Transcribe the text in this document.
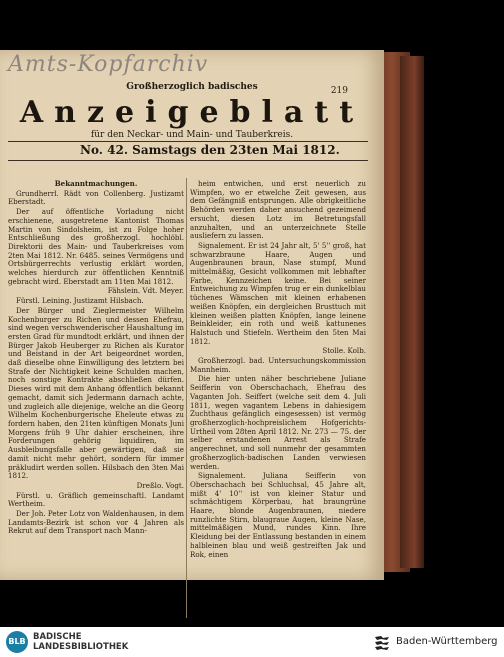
Amts-Kopfarchiv
219
Großherzoglich badisches
Anzeigeblatt
für den Neckar- und Main- und Tauberkreis.
No. 42. Samstags den 23ten Mai 1812.

Bekanntmachungen.

Grundherrl. Rädt von Collenberg. Justizamt Eberstadt.

Der auf öffentliche Vorladung nicht erschienene, ausgetretene Kantonist Thomas Martin von Sindolsheim, ist zu Folge hoher Entschließung des großherzogl. hochlöbl. Direktorii des Main- und Tauberkreises vom 2ten Mai 1812. Nr. 6485. seines Vermögens und Ortsbürgerrechts verlustig erklärt worden, welches hierdurch zur öffentlichen Kenntniß gebracht wird. Eberstadt am 11ten Mai 1812.

Fähslein. Vdt. Meyer.

Fürstl. Leining. Justizamt Hilsbach.

Der Bürger und Zieglermeister Wilhelm Kochenburger zu Richen und dessen Ehefrau, sind wegen verschwenderischer Haushaltung im ersten Grad für mundtodt erklärt, und ihnen der Bürger Jakob Heuberger zu Richen als Kurator und Beistand in der Art beigeordnet worden, daß dieselbe ohne Einwilligung des letztern bei Strafe der Nichtigkeit keine Schulden machen, noch sonstige Kontrakte abschließen dürfen. Dieses wird mit dem Anhang öffentlich bekannt gemacht, damit sich Jedermann darnach achte, und zugleich alle diejenige, welche an die Georg Wilhelm Kochenburgerische Eheleute etwas zu fordern haben, den 21ten künftigen Monats Juni Morgens früh 9 Uhr dahier erscheinen, ihre Forderungen gehörig liquidiren, im Ausbleibungsfalle aber gewärtigen, daß sie damit nicht mehr gehört, sondern für immer präkludirt werden sollen. Hilsbach den 3ten Mai 1812.

Dreßlo. Vogt.

Fürstl. u. Gräflich gemeinschaftl. Landamt Wertheim.

Der Joh. Peter Lotz von Waldenhausen, in dem Landamts-Bezirk ist schon vor 4 Jahren als Rekrut auf dem Transport nach Mann-

heim entwichen, und erst neuerlich zu Wimpfen, wo er etwelche Zeit gewesen, aus dem Gefängniß entsprungen. Alle obrigkeitliche Behörden werden daher ansuchend gezeimend ersucht, diesen Lotz im Betretungsfall anzuhalten, und an unterzeichnete Stelle ausliefern zu lassen.

Signalement. Er ist 24 Jahr alt, 5' 5'' groß, hat schwarzbraune Haare, Augen und Augenbraunen braun, Nase stumpf, Mund mittelmäßig, Gesicht vollkommen mit lebhafter Farbe, Kennzeichen keine. Bei seiner Entweichung zu Wimpfen trug er ein dunkelblau tüchenes Wämschen mit kleinen erhabenen weißen Knöpfen, ein dergleichen Brusttuch mit kleinen weißen platten Knöpfen, lange leinene Beinkleider, ein roth und weiß kattunenes Halstuch und Stiefeln. Wertheim den 5ten Mai 1812.

Stolle. Kolb.

Großherzogl. bad. Untersuchungskommission Mannheim.

Die hier unten näher beschriebene Juliane Seifferin von Oberschachach, Ehefrau des Vaganten Joh. Seiffert (welche seit dem 4. Juli 1811, wegen vagantem Lebens in dahiesigem Zuchthaus gefänglich eingesessen) ist vermög großherzoglich-hochpreislichem Hofgerichts-Urtheil vom 28ten April 1812. Nr. 273 — 75. der selber erstandenen Arrest als Strafe angerechnet, und soll nunmehr der gesammten großherzoglich-badischen Landen verwiesen werden.

Signalement. Juliana Seifferin von Oberschachach bei Schluchsal, 45 Jahre alt, mißt 4' 10'' ist von kleiner Statur und schmächtigem Körperbau, hat braungrüne Haare, blonde Augenbraunen, niedere runzlichte Stirn, blaugraue Augen, kleine Nase, mittelmäßigen Mund, rundes Kinn. Ihre Kleidung bei der Entlassung bestanden in einem halbleinen blau und weiß gestreiften Jak und Rok, einen

BLB BADISCHE
LANDESBIBLIOTHEK	Baden-Württemberg
